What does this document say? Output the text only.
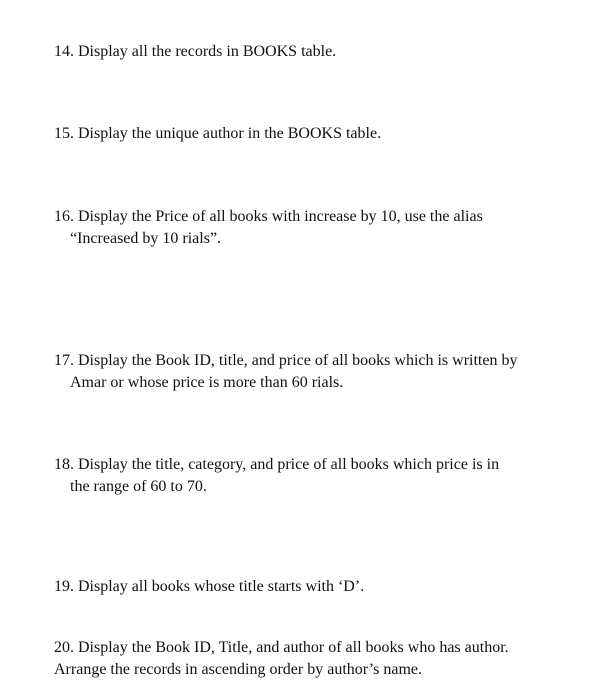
14. Display all the records in BOOKS table.
15. Display the unique author in the BOOKS table.
16. Display the Price of all books with increase by 10, use the alias
“Increased by 10 rials”.
17. Display the Book ID, title, and price of all books which is written by
Amar or whose price is more than 60 rials.
18. Display the title, category, and price of all books which price is in
the range of 60 to 70.
19. Display all books whose title starts with ‘D’.
20. Display the Book ID, Title, and author of all books who has author.
Arrange the records in ascending order by author’s name.
